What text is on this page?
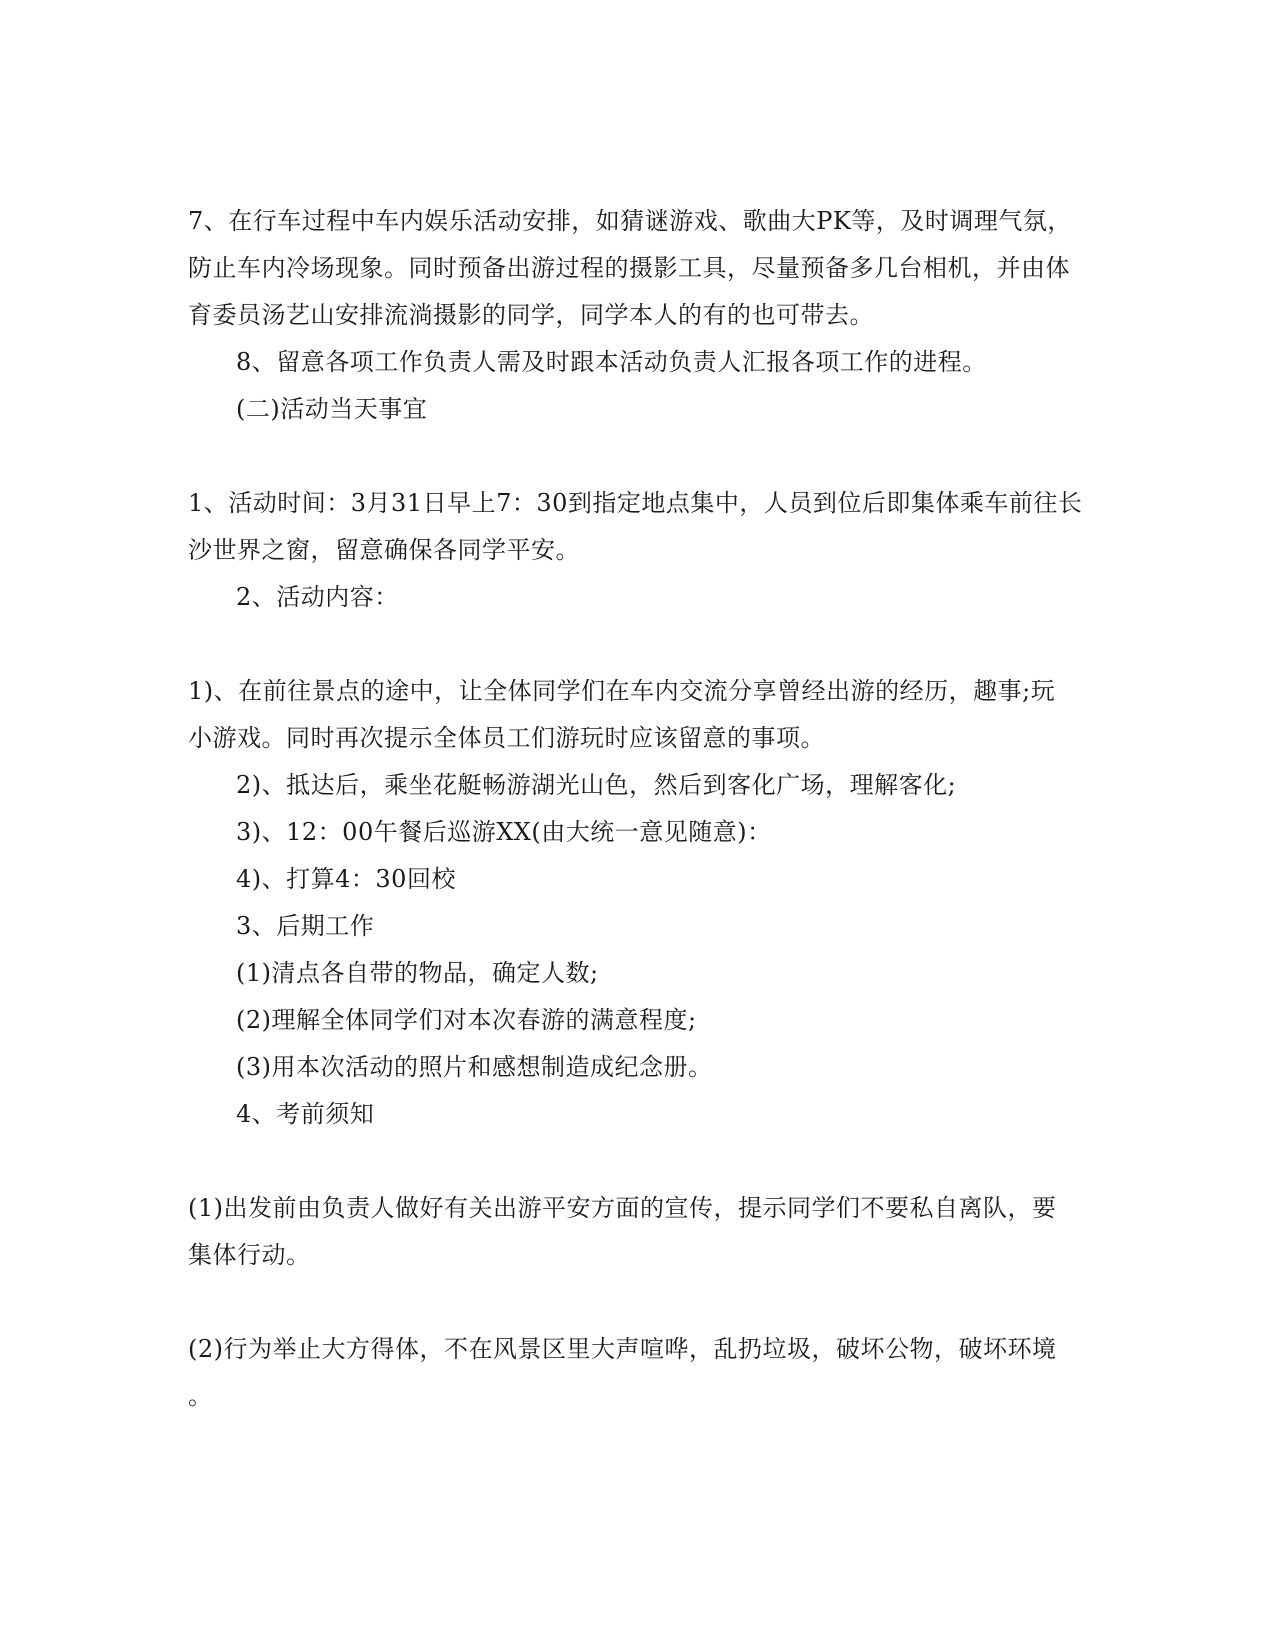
7、在行车过程中车内娱乐活动安排，如猜谜游戏、歌曲大PK等，及时调理气氛，
防止车内冷场现象。同时预备出游过程的摄影工具，尽量预备多几台相机，并由体
育委员汤艺山安排流淌摄影的同学，同学本人的有的也可带去。
8、留意各项工作负责人需及时跟本活动负责人汇报各项工作的进程。
(二)活动当天事宜
1、活动时间：3月31日早上7：30到指定地点集中，人员到位后即集体乘车前往长
沙世界之窗，留意确保各同学平安。
2、活动内容：
1)、在前往景点的途中，让全体同学们在车内交流分享曾经出游的经历，趣事;玩
小游戏。同时再次提示全体员工们游玩时应该留意的事项。
2)、抵达后，乘坐花艇畅游湖光山色，然后到客化广场，理解客化;
3)、12：00午餐后巡游XX(由大统一意见随意)：
4)、打算4：30回校
3、后期工作
(1)清点各自带的物品，确定人数;
(2)理解全体同学们对本次春游的满意程度;
(3)用本次活动的照片和感想制造成纪念册。
4、考前须知
(1)出发前由负责人做好有关出游平安方面的宣传，提示同学们不要私自离队，要
集体行动。
(2)行为举止大方得体，不在风景区里大声喧哗，乱扔垃圾，破坏公物，破坏环境
。
